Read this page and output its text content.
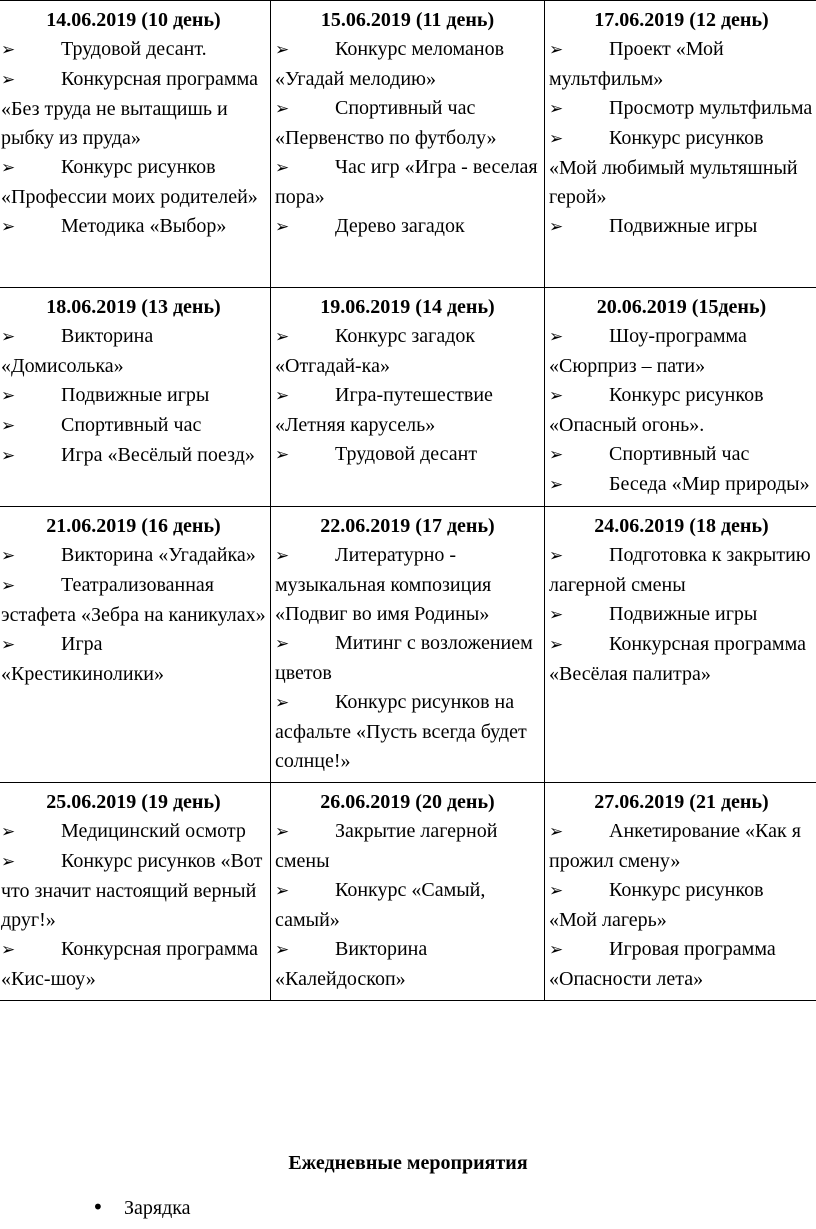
14.06.2019 (10 день)
➢ Трудовой десант.
➢ Конкурсная программа «Без труда не вытащишь и рыбку из пруда»
➢ Конкурс рисунков «Профессии моих родителей»
➢ Методика «Выбор»	15.06.2019 (11 день)
➢ Конкурс меломанов «Угадай мелодию»
➢ Спортивный час «Первенство по футболу»
➢ Час игр «Игра - веселая пора»
➢ Дерево загадок	17.06.2019 (12 день)
➢ Проект «Мой мультфильм»
➢ Просмотр мультфильма
➢ Конкурс рисунков «Мой любимый мультяшный герой»
➢ Подвижные игры

18.06.2019 (13 день)
➢ Викторина «Домисолька»
➢ Подвижные игры
➢ Спортивный час
➢ Игра «Весёлый поезд»	19.06.2019 (14 день)
➢ Конкурс загадок «Отгадай-ка»
➢ Игра-путешествие «Летняя карусель»
➢ Трудовой десант	20.06.2019 (15день)
➢ Шоу-программа «Сюрприз – пати»
➢ Конкурс рисунков «Опасный огонь».
➢ Спортивный час
➢ Беседа «Мир природы»

21.06.2019 (16 день)
➢ Викторина «Угадайка»
➢ Театрализованная эстафета «Зебра на каникулах»
➢ Игра «Крестикинолики»	22.06.2019 (17 день)
➢ Литературно - музыкальная композиция «Подвиг во имя Родины»
➢ Митинг с возложением цветов
➢ Конкурс рисунков на асфальте «Пусть всегда будет солнце!»	24.06.2019 (18 день)
➢ Подготовка к закрытию лагерной смены
➢ Подвижные игры
➢ Конкурсная программа «Весёлая палитра»

25.06.2019 (19 день)
➢ Медицинский осмотр
➢ Конкурс рисунков «Вот что значит настоящий верный друг!»
➢ Конкурсная программа «Кис-шоу»	26.06.2019 (20 день)
➢ Закрытие лагерной смены
➢ Конкурс «Самый, самый»
➢ Викторина «Калейдоскоп»	27.06.2019 (21 день)
➢ Анкетирование «Как я прожил смену»
➢ Конкурс рисунков «Мой лагерь»
➢ Игровая программа «Опасности лета»
Ежедневные мероприятия
• Зарядка
